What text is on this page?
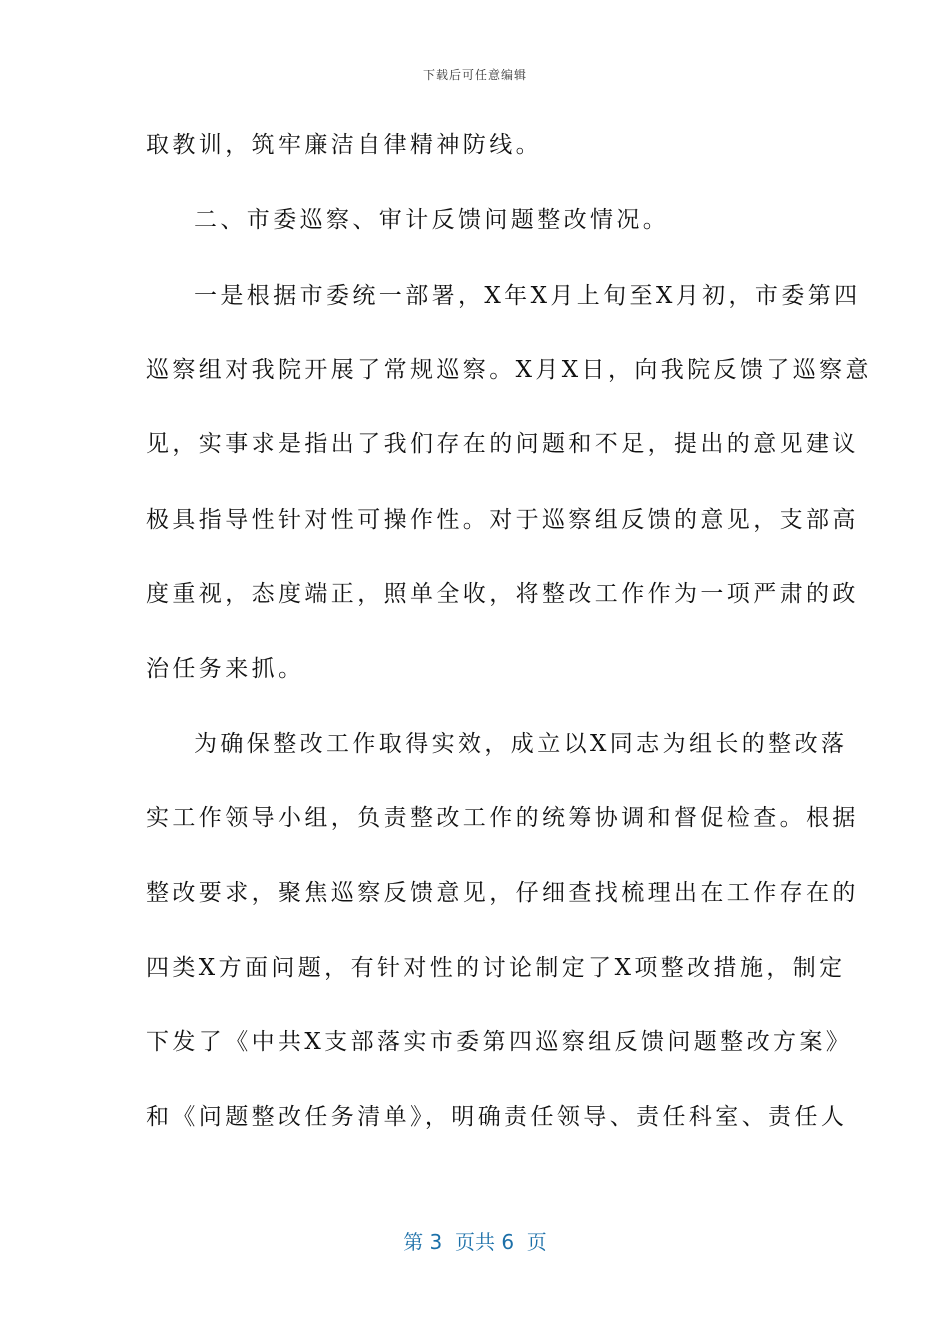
下载后可任意编辑
取教训，筑牢廉洁自律精神防线。
二、市委巡察、审计反馈问题整改情况。
一是根据市委统一部署，X年X月上旬至X月初，市委第四
巡察组对我院开展了常规巡察。X月X日，向我院反馈了巡察意
见，实事求是指出了我们存在的问题和不足，提出的意见建议
极具指导性针对性可操作性。对于巡察组反馈的意见，支部高
度重视，态度端正，照单全收，将整改工作作为一项严肃的政
治任务来抓。
为确保整改工作取得实效，成立以X同志为组长的整改落
实工作领导小组，负责整改工作的统筹协调和督促检查。根据
整改要求，聚焦巡察反馈意见，仔细查找梳理出在工作存在的
四类X方面问题，有针对性的讨论制定了X项整改措施，制定
下发了《中共X支部落实市委第四巡察组反馈问题整改方案》
和《问题整改任务清单》，明确责任领导、责任科室、责任人
第 3  页共 6  页
